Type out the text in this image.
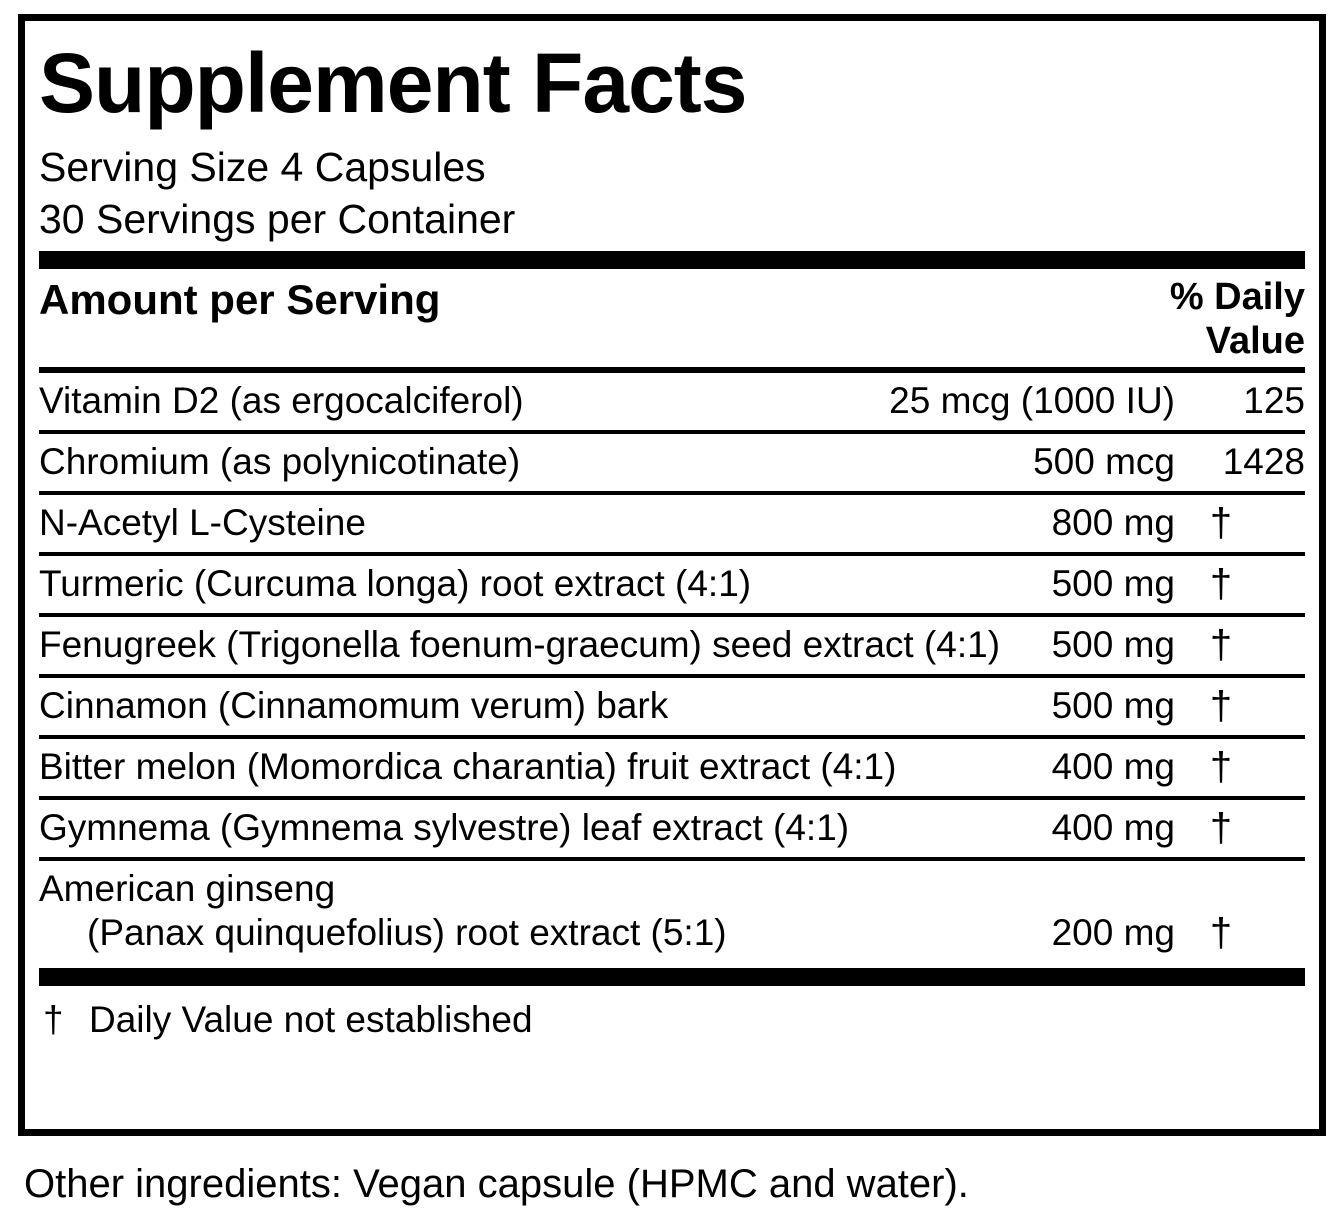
Supplement Facts
Serving Size 4 Capsules
30 Servings per Container
Amount per Serving	% Daily
Value
Vitamin D2 (as ergocalciferol)	25 mcg (1000 IU)	125
Chromium (as polynicotinate)	500 mcg	1428
N-Acetyl L-Cysteine	800 mg	†
Turmeric (Curcuma longa) root extract (4:1)	500 mg	†
Fenugreek (Trigonella foenum-graecum) seed extract (4:1)	500 mg	†
Cinnamon (Cinnamomum verum) bark	500 mg	†
Bitter melon (Momordica charantia) fruit extract (4:1)	400 mg	†
Gymnema (Gymnema sylvestre) leaf extract (4:1)	400 mg	†

American ginseng
(Panax quinquefolius) root extract (5:1)	200 mg	†
† Daily Value not established
Other ingredients: Vegan capsule (HPMC and water).
